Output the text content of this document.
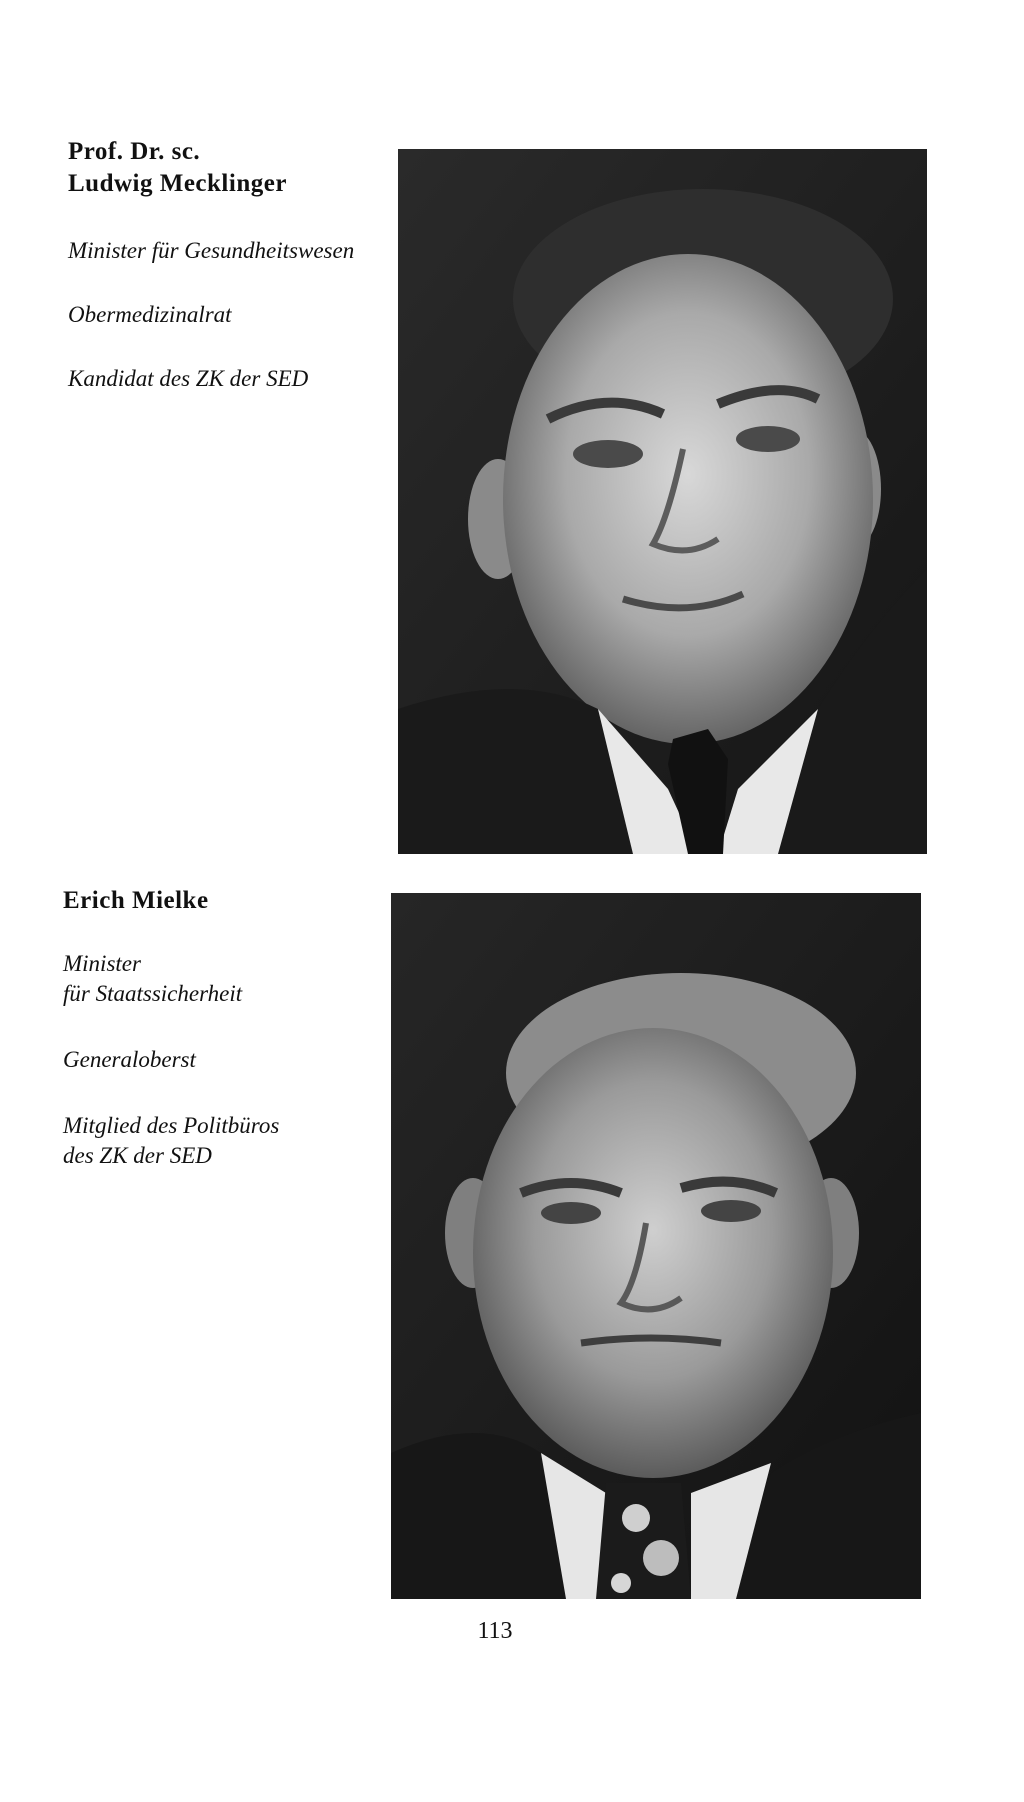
Prof. Dr. sc.

Ludwig Mecklinger

Minister für Gesundheitswesen

Obermedizinalrat

Kandidat des ZK der SED

Erich Mielke

Minister

für Staatssicherheit

Generaloberst

Mitglied des Politbüros

des ZK der SED

113
